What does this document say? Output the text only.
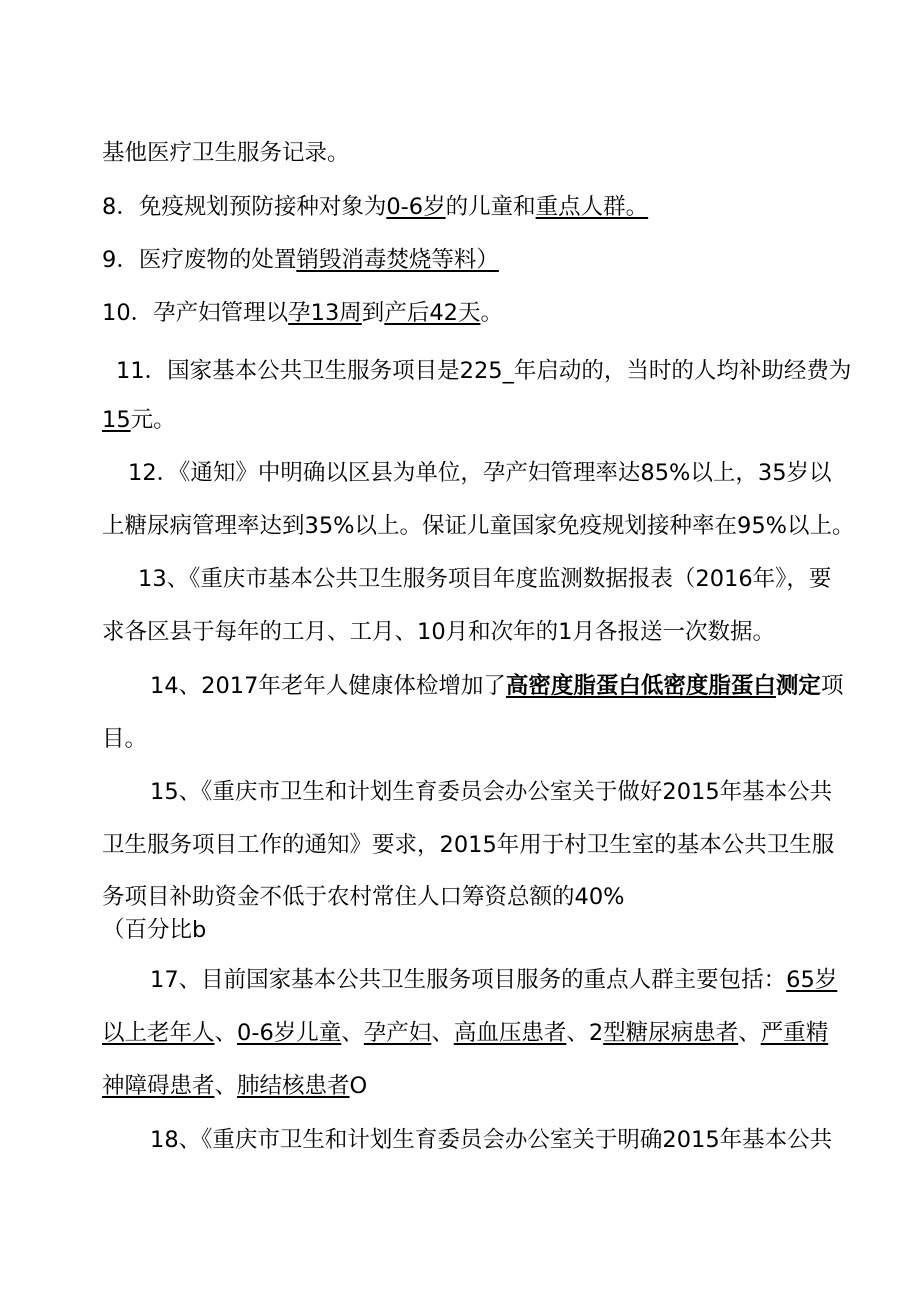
基他医疗卫生服务记录。
8．免疫规划预防接种对象为0-6岁的儿童和重点人群。
9．医疗废物的处置销毁消毒焚烧等料）
10．孕产妇管理以孕13周到产后42天。
11．国家基本公共卫生服务项目是225_年启动的，当时的人均补助经费为
15元。
12．《通知》中明确以区县为单位，孕产妇管理率达85%以上，35岁以
上糖尿病管理率达到35%以上。保证儿童国家免疫规划接种率在95%以上。
13、《重庆市基本公共卫生服务项目年度监测数据报表（2016年》，要
求各区县于每年的工月、工月、10月和次年的1月各报送一次数据。
14、2017年老年人健康体检增加了高密度脂蛋白低密度脂蛋白测定项
目。
15、《重庆市卫生和计划生育委员会办公室关于做好2015年基本公共
卫生服务项目工作的通知》要求，2015年用于村卫生室的基本公共卫生服
务项目补助资金不低于农村常住人口筹资总额的40%
（百分比b
17、目前国家基本公共卫生服务项目服务的重点人群主要包括：65岁
以上老年人、0-6岁儿童、孕产妇、高血压患者、2型糖尿病患者、严重精
神障碍患者、肺结核患者O
18、《重庆市卫生和计划生育委员会办公室关于明确2015年基本公共
